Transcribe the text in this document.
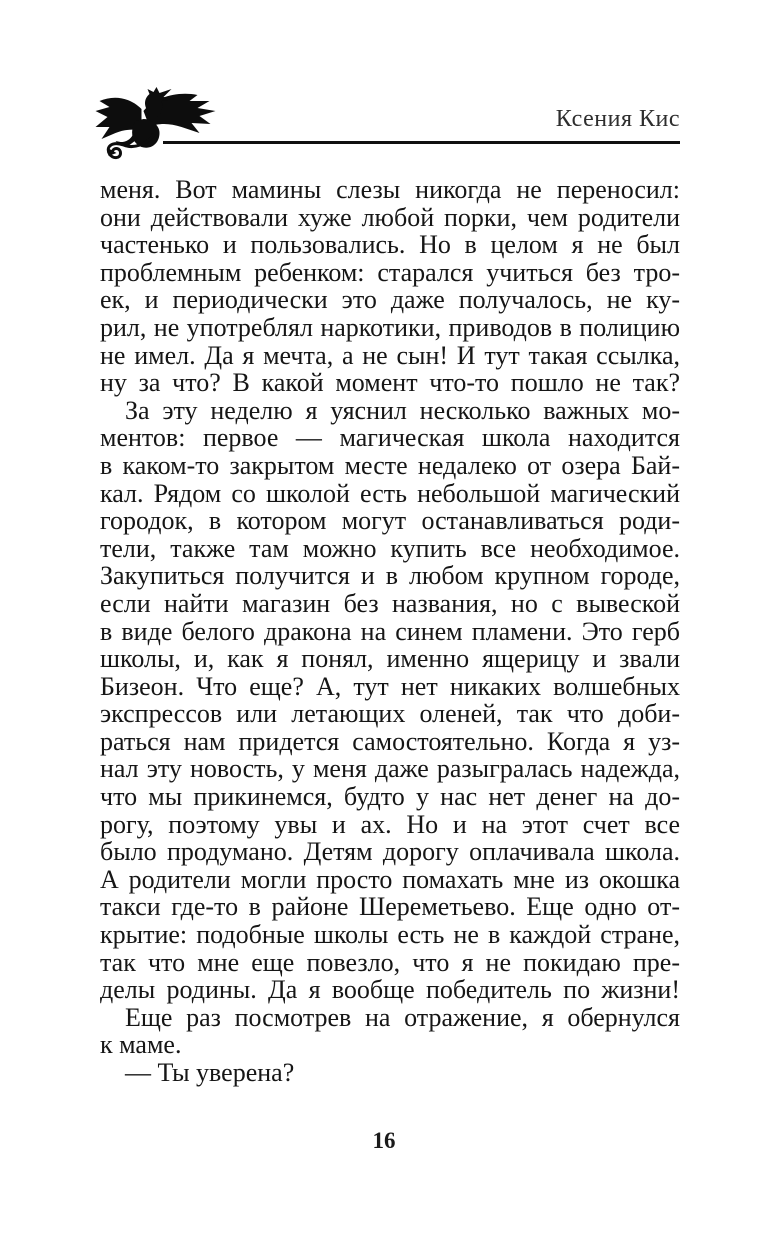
Ксения Кис
меня. Вот мамины слезы никогда не переносил:
они действовали хуже любой порки, чем родители
частенько и пользовались. Но в целом я не был
проблемным ребенком: старался учиться без тро-
ек, и периодически это даже получалось, не ку-
рил, не употреблял наркотики, приводов в полицию
не имел. Да я мечта, а не сын! И тут такая ссылка,
ну за что? В какой момент что-то пошло не так?
За эту неделю я уяснил несколько важных мо-
ментов: первое — магическая школа находится
в каком-то закрытом месте недалеко от озера Бай-
кал. Рядом со школой есть небольшой магический
городок, в котором могут останавливаться роди-
тели, также там можно купить все необходимое.
Закупиться получится и в любом крупном городе,
если найти магазин без названия, но с вывеской
в виде белого дракона на синем пламени. Это герб
школы, и, как я понял, именно ящерицу и звали
Бизеон. Что еще? А, тут нет никаких волшебных
экспрессов или летающих оленей, так что доби-
раться нам придется самостоятельно. Когда я уз-
нал эту новость, у меня даже разыгралась надежда,
что мы прикинемся, будто у нас нет денег на до-
рогу, поэтому увы и ах. Но и на этот счет все
было продумано. Детям дорогу оплачивала школа.
А родители могли просто помахать мне из окошка
такси где-то в районе Шереметьево. Еще одно от-
крытие: подобные школы есть не в каждой стране,
так что мне еще повезло, что я не покидаю пре-
делы родины. Да я вообще победитель по жизни!
Еще раз посмотрев на отражение, я обернулся
к маме.
— Ты уверена?
16
